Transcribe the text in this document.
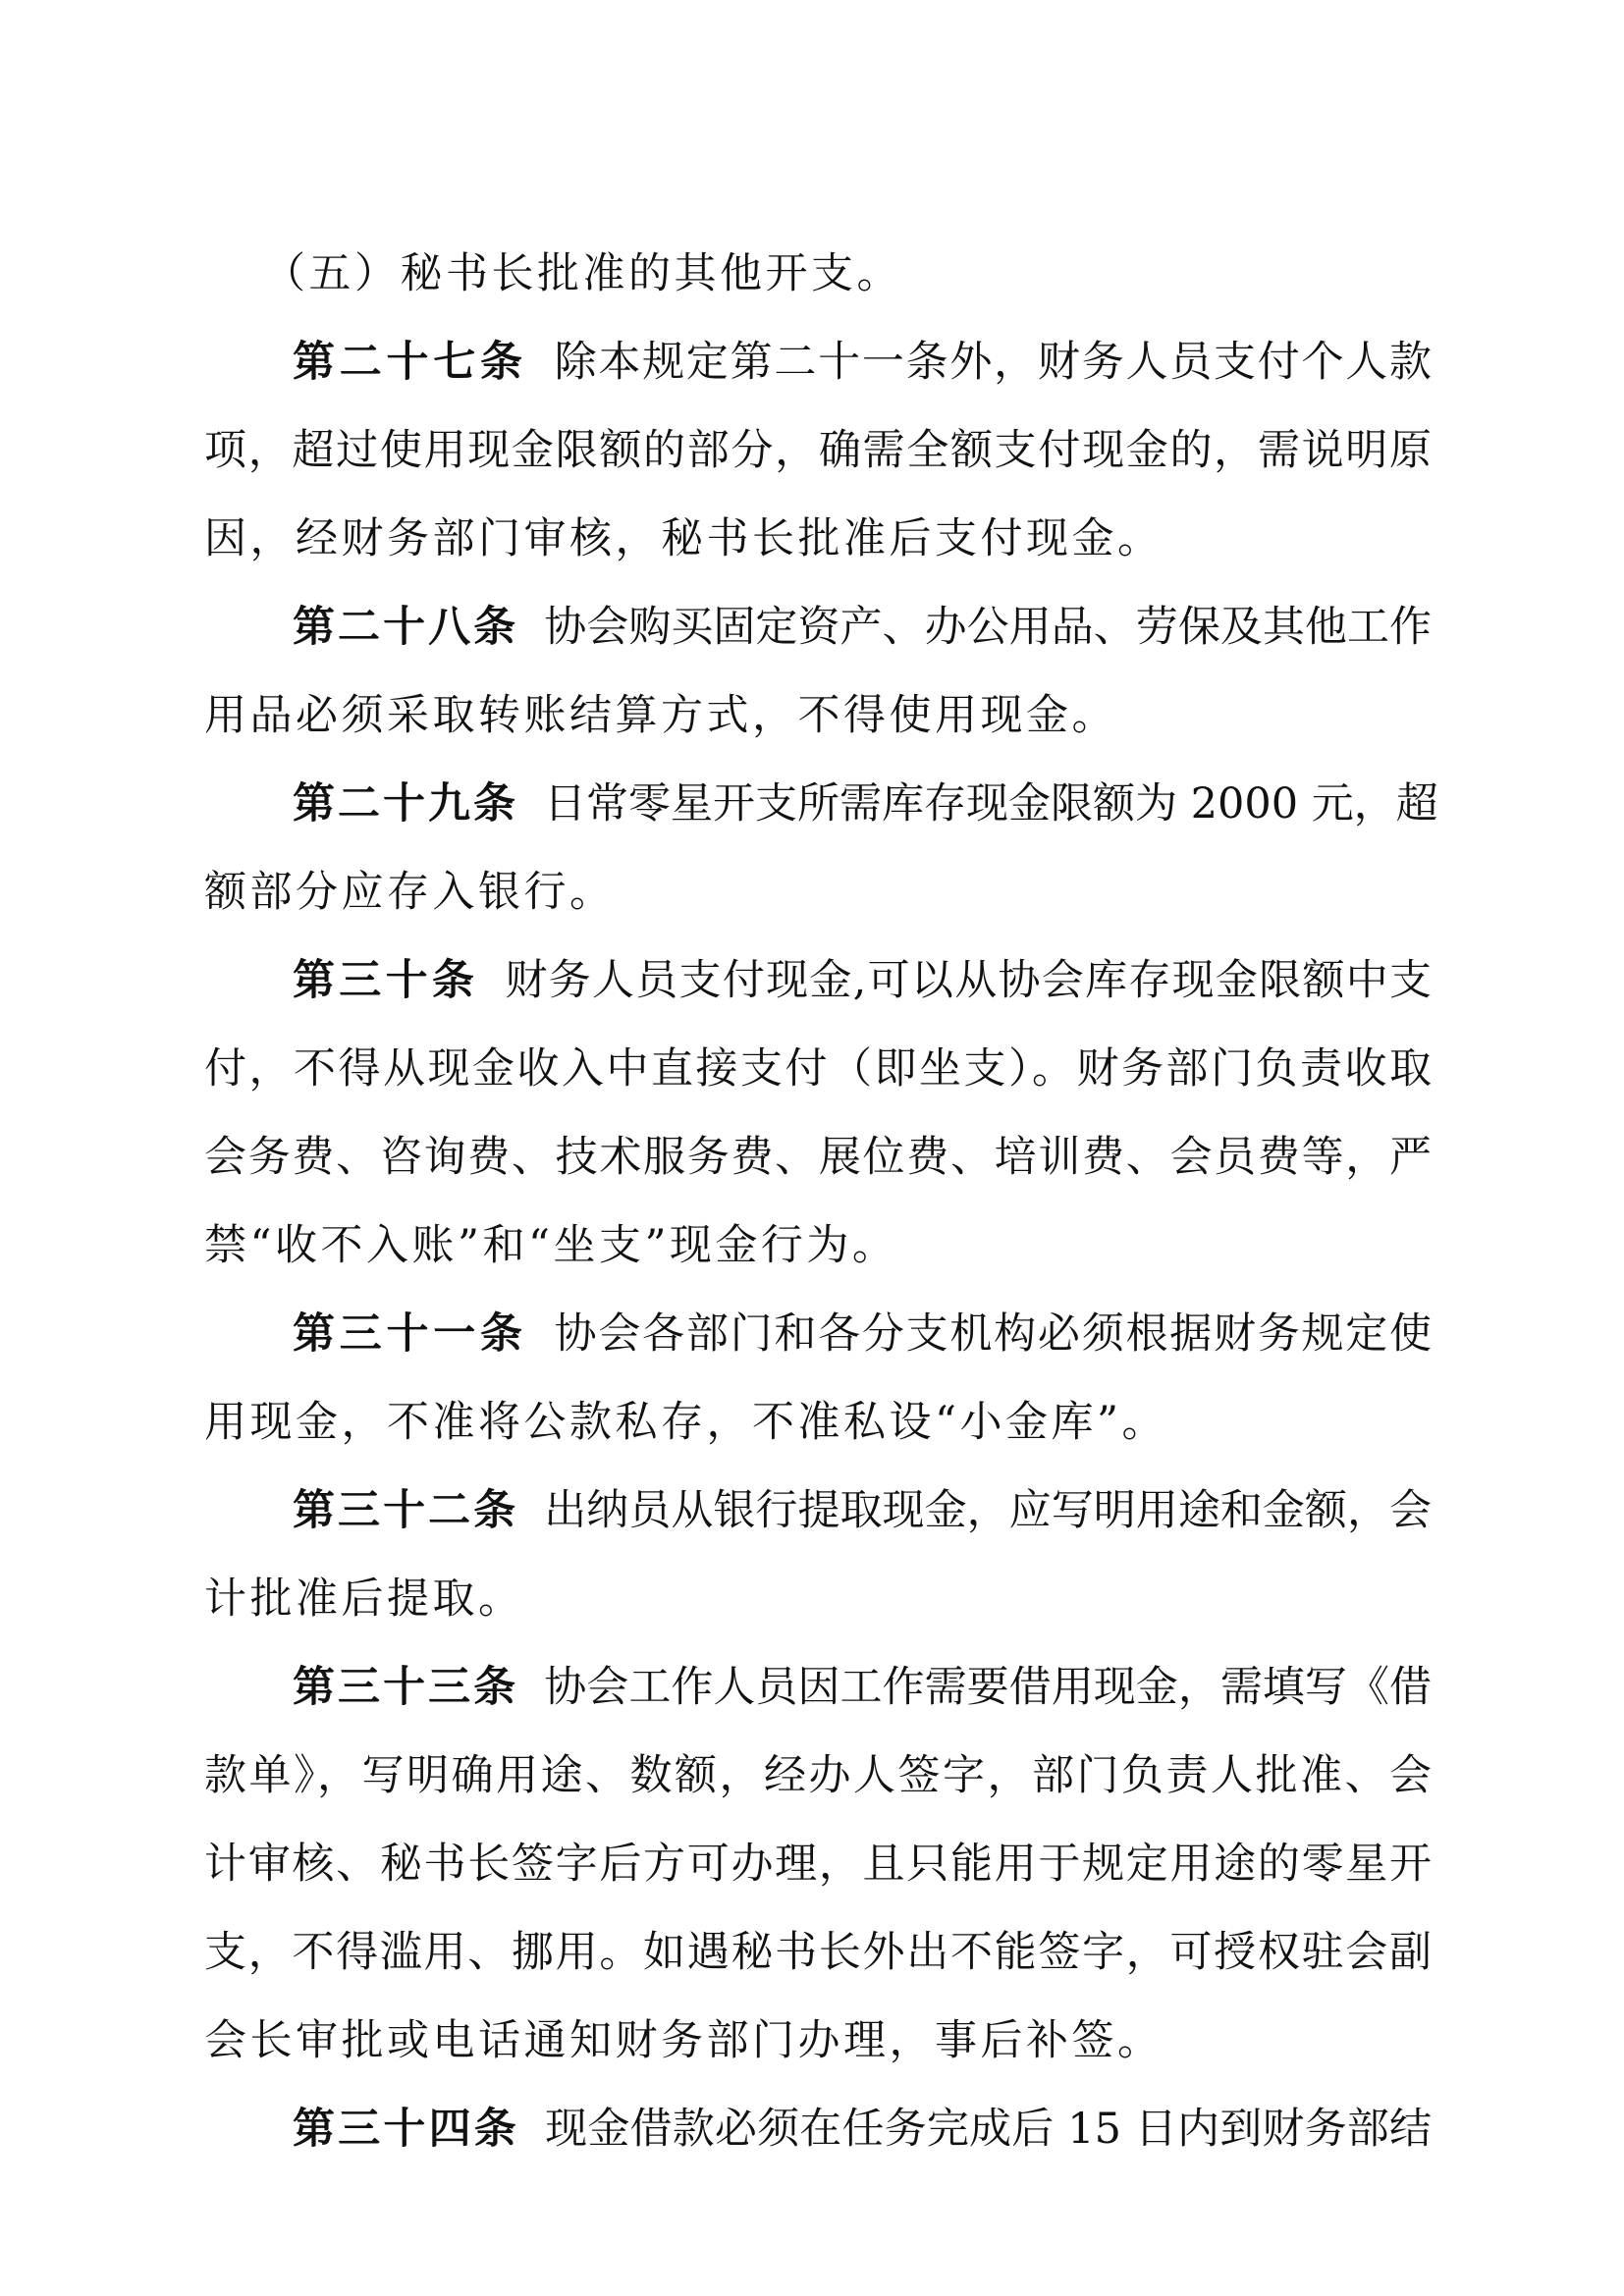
（五）秘书长批准的其他开支。
第二十七条 除本规定第二十一条外，财务人员支付个人款
项，超过使用现金限额的部分，确需全额支付现金的，需说明原
因，经财务部门审核，秘书长批准后支付现金。
第二十八条 协会购买固定资产、办公用品、劳保及其他工作
用品必须采取转账结算方式，不得使用现金。
第二十九条 日常零星开支所需库存现金限额为 2000 元，超
额部分应存入银行。
第三十条 财务人员支付现金,可以从协会库存现金限额中支
付，不得从现金收入中直接支付（即坐支）。财务部门负责收取
会务费、咨询费、技术服务费、展位费、培训费、会员费等，严
禁“收不入账”和“坐支”现金行为。
第三十一条 协会各部门和各分支机构必须根据财务规定使
用现金，不准将公款私存，不准私设“小金库”。
第三十二条 出纳员从银行提取现金，应写明用途和金额，会
计批准后提取。
第三十三条 协会工作人员因工作需要借用现金，需填写《借
款单》，写明确用途、数额，经办人签字，部门负责人批准、会
计审核、秘书长签字后方可办理，且只能用于规定用途的零星开
支，不得滥用、挪用。如遇秘书长外出不能签字，可授权驻会副
会长审批或电话通知财务部门办理，事后补签。
第三十四条 现金借款必须在任务完成后 15 日内到财务部结
